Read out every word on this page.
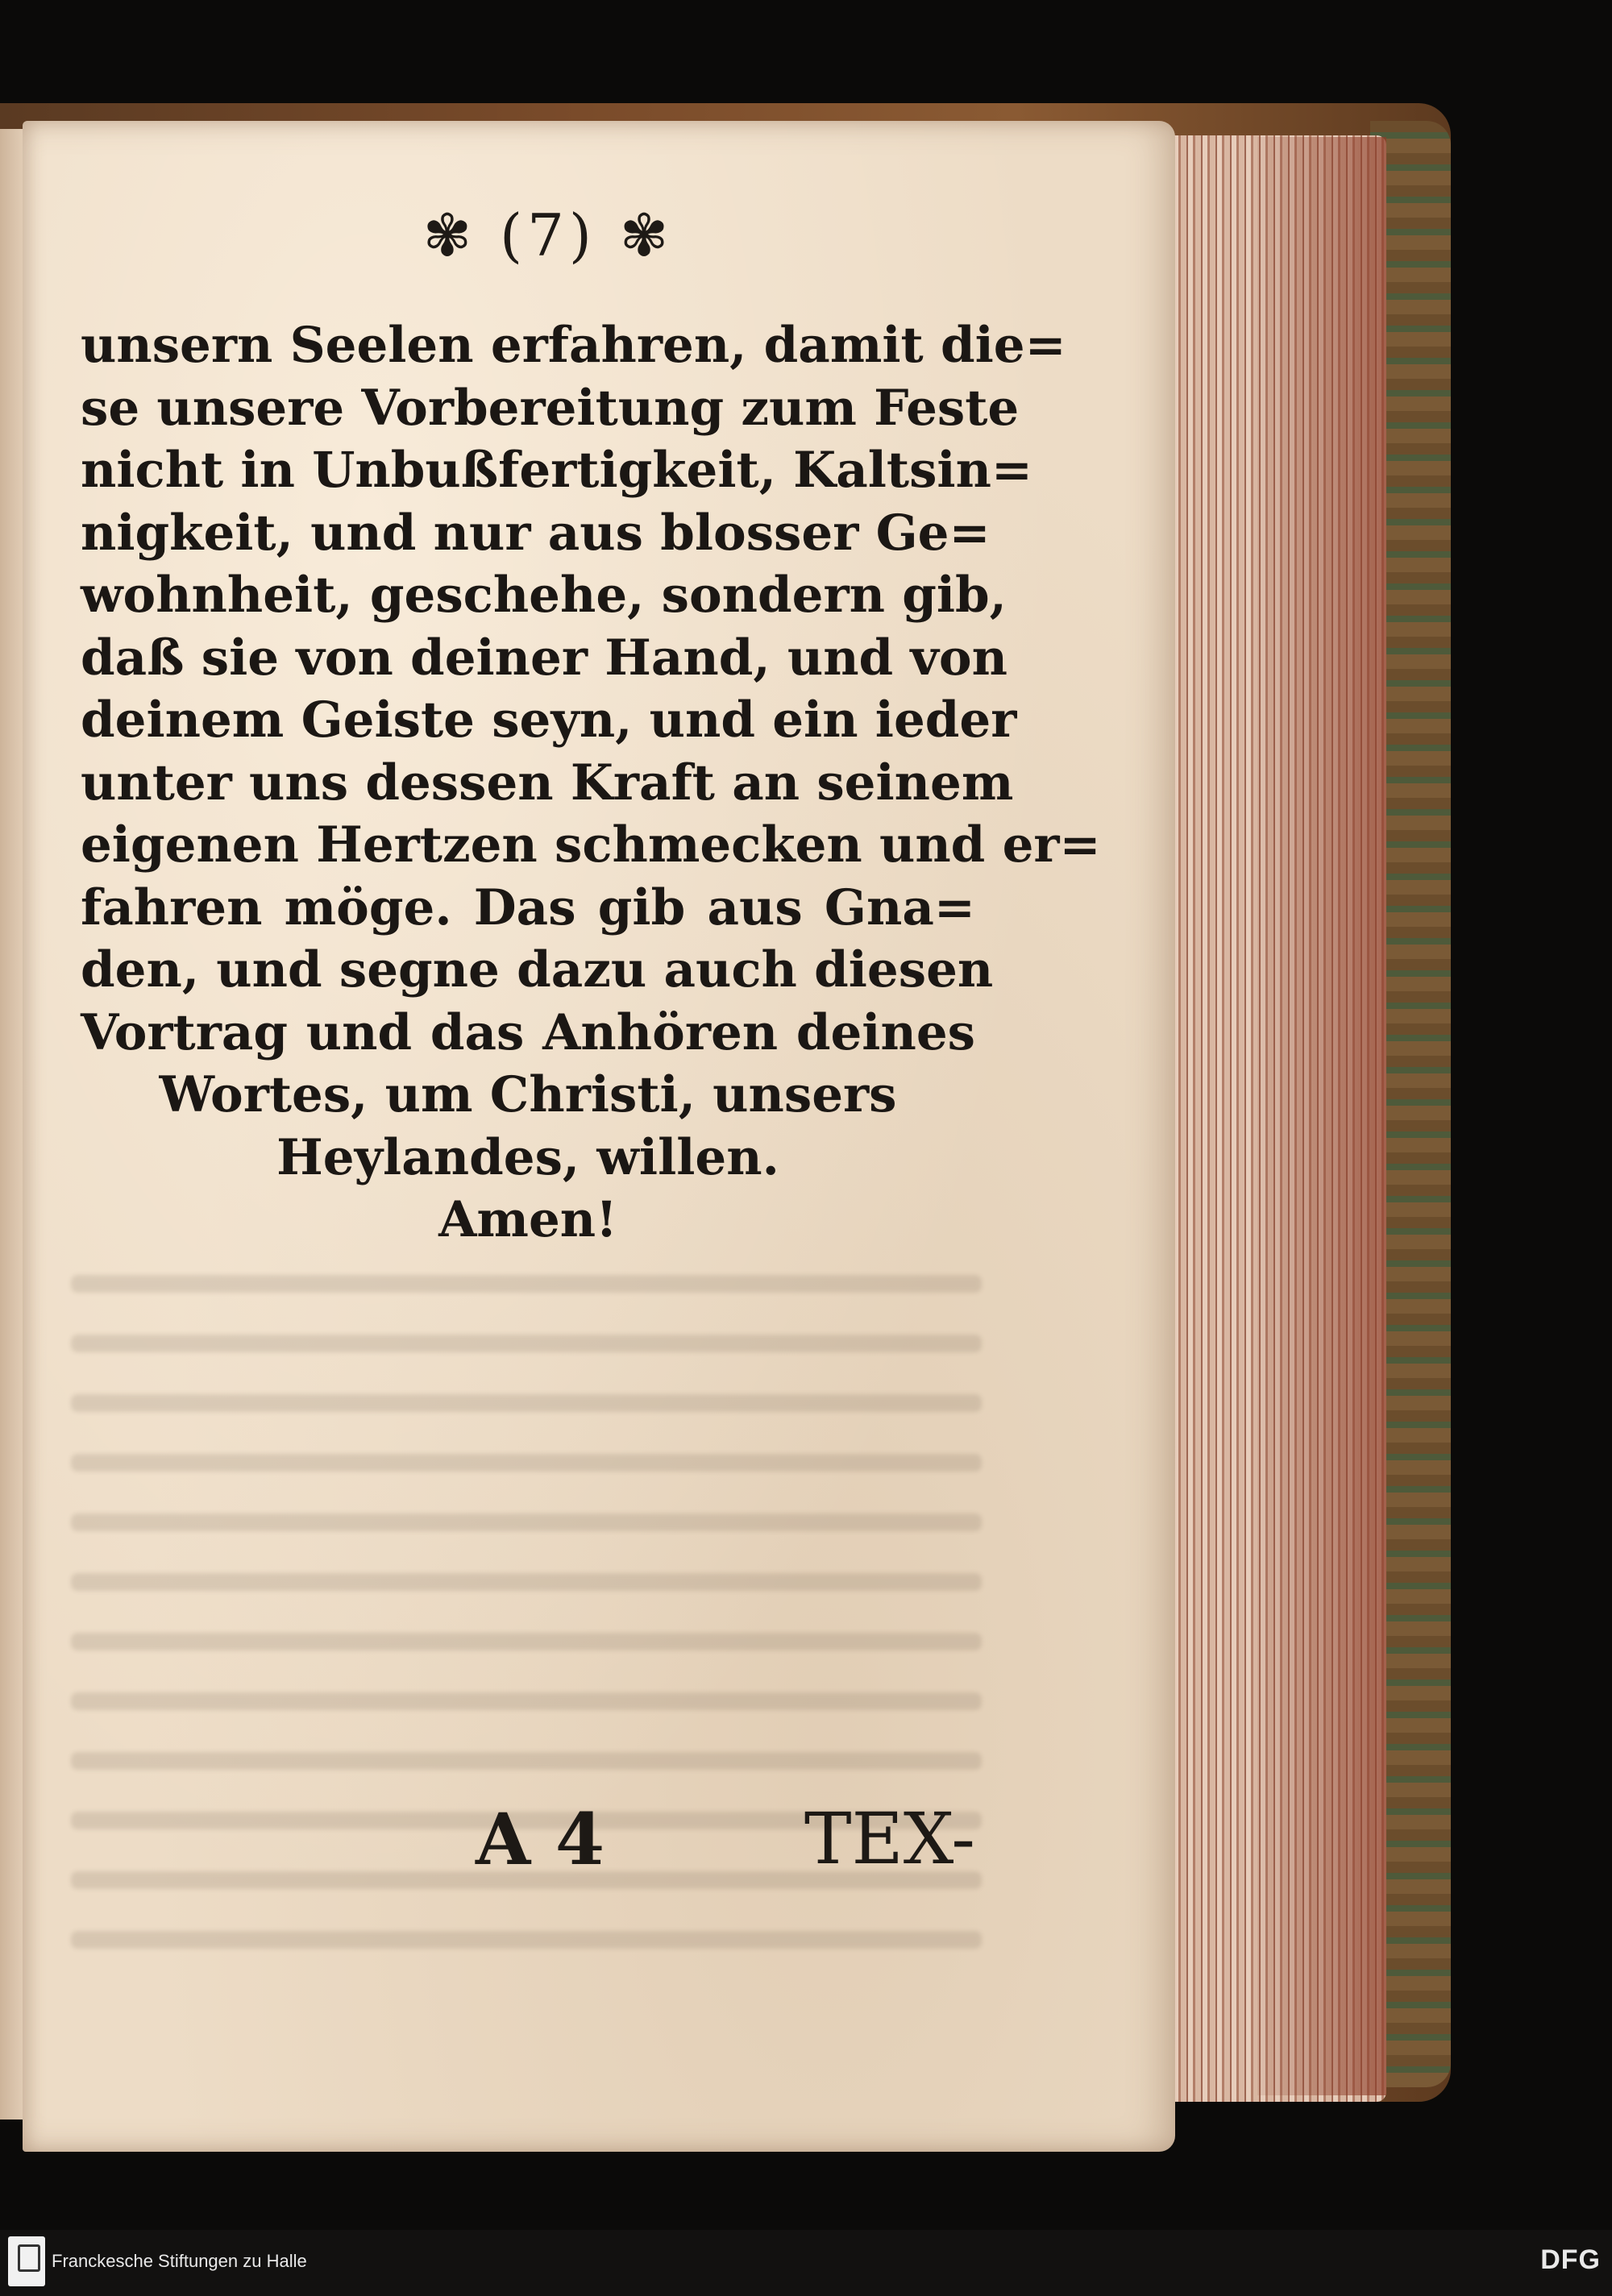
✾ (7) ✾
unsern Seelen erfahren, damit die=
se unsere Vorbereitung zum Feste
nicht in Unbußfertigkeit, Kaltsin=
nigkeit, und nur aus blosser Ge=
wohnheit, geschehe, sondern gib,
daß sie von deiner Hand, und von
deinem Geiste seyn, und ein ieder
unter uns dessen Kraft an seinem
eigenen Hertzen schmecken und er=
fahren möge. Das gib aus Gna=
den, und segne dazu auch diesen
Vortrag und das Anhören deines
Wortes, um Christi, unsers
Heylandes, willen.
Amen!
A 4	TEX-
Franckesche Stiftungen zu Halle	DFG
